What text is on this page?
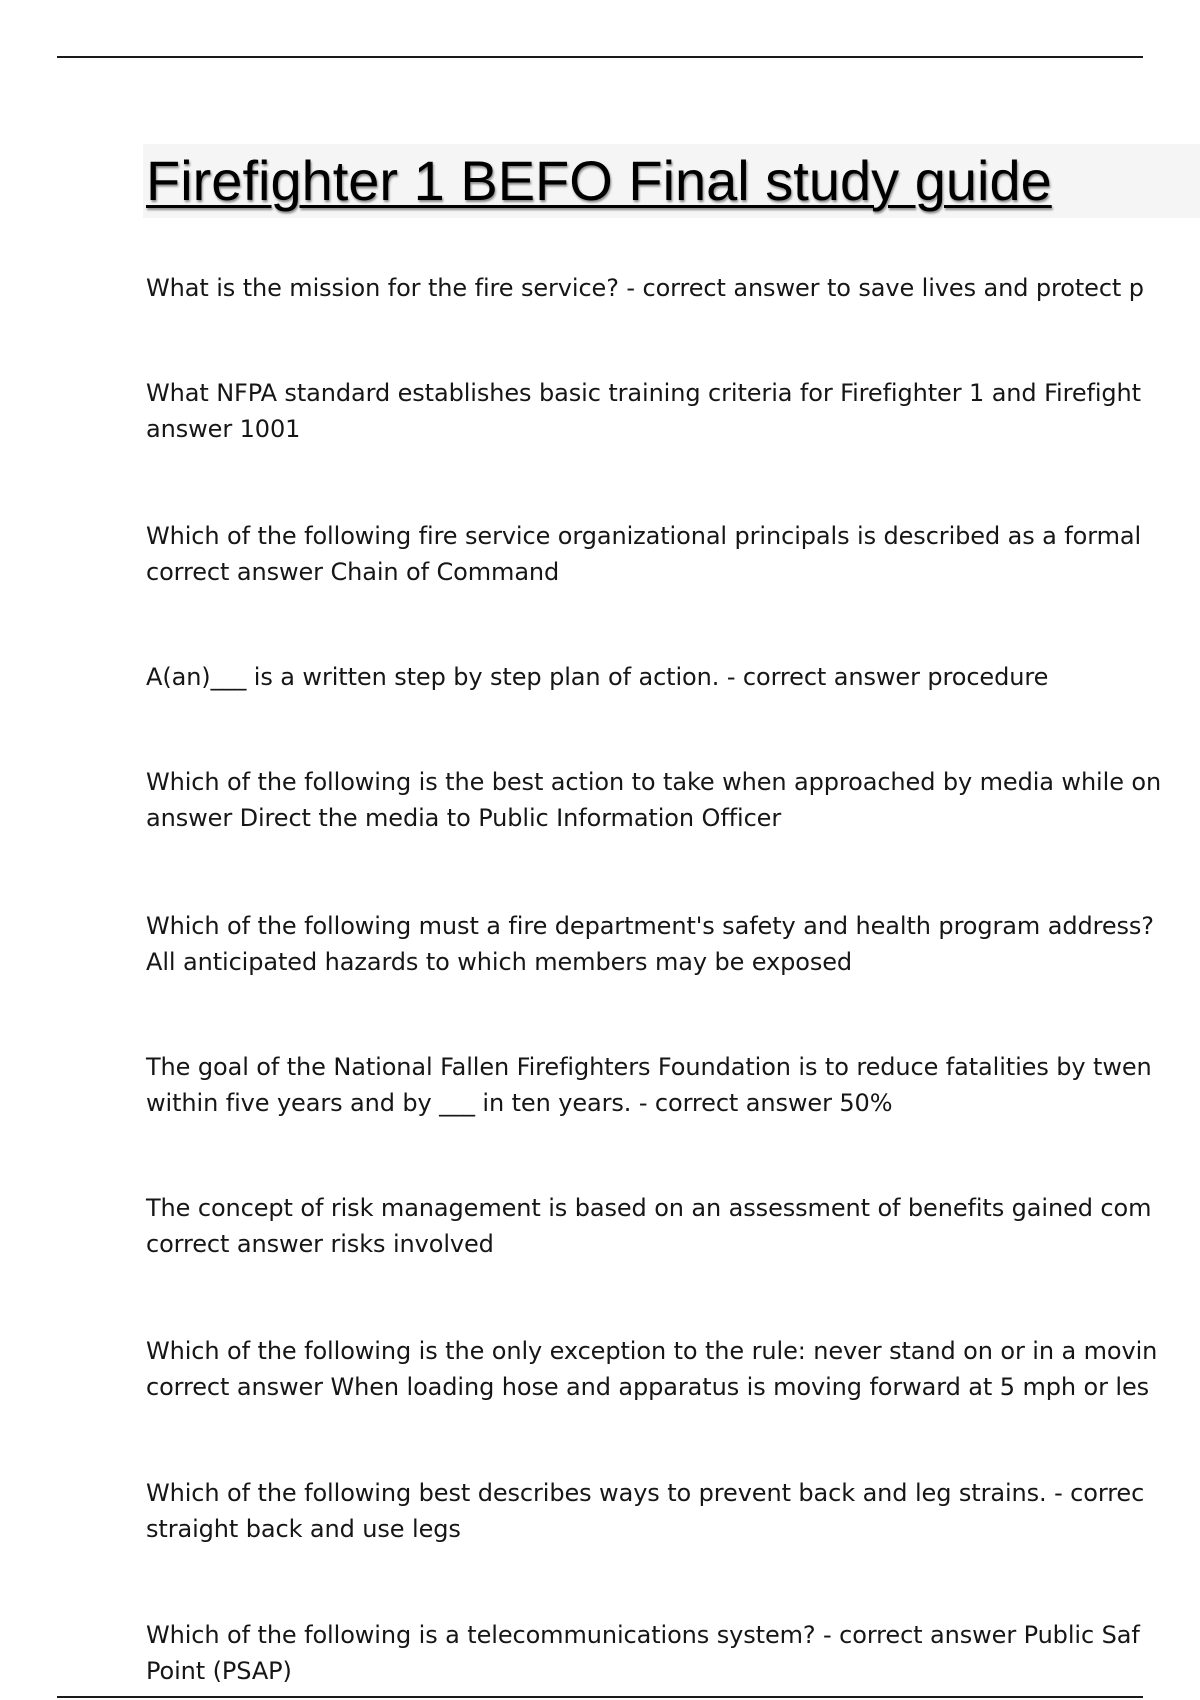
Firefighter 1 BEFO Final study guide
What is the mission for the fire service? - correct answer to save lives and protect p
What NFPA standard establishes basic training criteria for Firefighter 1 and Firefight
answer 1001
Which of the following fire service organizational principals is described as a formal
correct answer Chain of Command
A(an)___ is a written step by step plan of action. - correct answer procedure
Which of the following is the best action to take when approached by media while on
answer Direct the media to Public Information Officer
Which of the following must a fire department's safety and health program address?
All anticipated hazards to which members may be exposed
The goal of the National Fallen Firefighters Foundation is to reduce fatalities by twen
within five years and by ___ in ten years. - correct answer 50%
The concept of risk management is based on an assessment of benefits gained com
correct answer risks involved
Which of the following is the only exception to the rule: never stand on or in a movin
correct answer When loading hose and apparatus is moving forward at 5 mph or les
Which of the following best describes ways to prevent back and leg strains. - correc
straight back and use legs
Which of the following is a telecommunications system? - correct answer Public Saf
Point (PSAP)
